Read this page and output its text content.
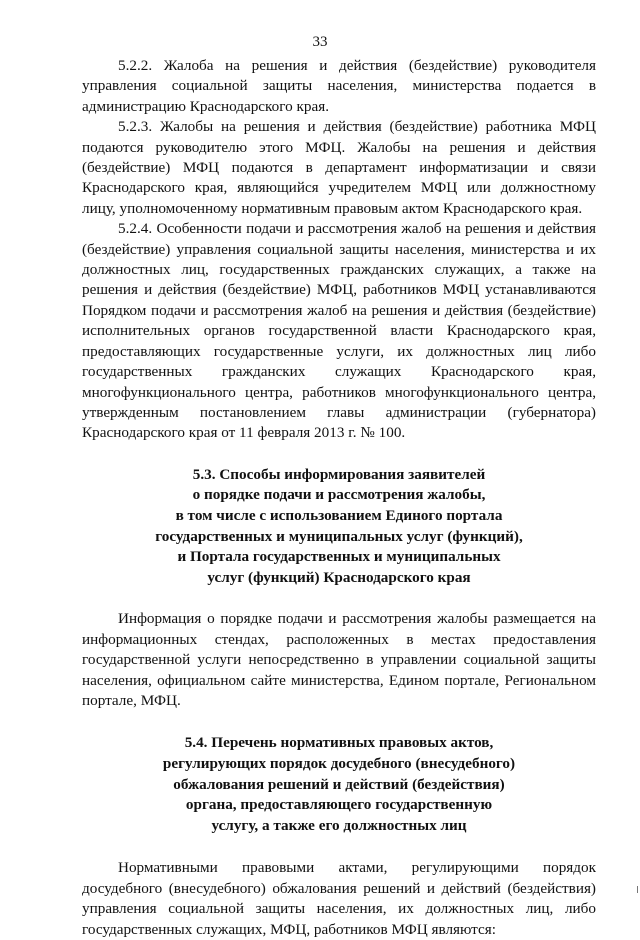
33

5.2.2. Жалоба на решения и действия (бездействие) руководителя управления социальной защиты населения, министерства подается в администрацию Краснодарского края.

5.2.3. Жалобы на решения и действия (бездействие) работника МФЦ подаются руководителю этого МФЦ. Жалобы на решения и действия (бездействие) МФЦ подаются в департамент информатизации и связи Краснодарского края, являющийся учредителем МФЦ или должностному лицу, уполномоченному нормативным правовым актом Краснодарского края.

5.2.4. Особенности подачи и рассмотрения жалоб на решения и действия (бездействие) управления социальной защиты населения, министерства и их должностных лиц, государственных гражданских служащих, а также на решения и действия (бездействие) МФЦ, работников МФЦ устанавливаются Порядком подачи и рассмотрения жалоб на решения и действия (бездействие) исполнительных органов государственной власти Краснодарского края, предоставляющих государственные услуги, их должностных лиц либо государственных гражданских служащих Краснодарского края, многофункционального центра, работников многофункционального центра, утвержденным постановлением главы администрации (губернатора) Краснодарского края от 11 февраля 2013 г. № 100.

5.3. Способы информирования заявителей
о порядке подачи и рассмотрения жалобы,
в том числе с использованием Единого портала
государственных и муниципальных услуг (функций),
и Портала государственных и муниципальных
услуг (функций) Краснодарского края

Информация о порядке подачи и рассмотрения жалобы размещается на информационных стендах, расположенных в местах предоставления государственной услуги непосредственно в управлении социальной защиты населения, официальном сайте министерства, Едином портале, Региональном портале, МФЦ.

5.4. Перечень нормативных правовых актов,
регулирующих порядок досудебного (внесудебного)
обжалования решений и действий (бездействия)
органа, предоставляющего государственную
услугу, а также его должностных лиц

Нормативными правовыми актами, регулирующими порядок досудебного (внесудебного) обжалования решений и действий (бездействия) управления социальной защиты населения, их должностных лиц, либо государственных служащих, МФЦ, работников МФЦ являются:
